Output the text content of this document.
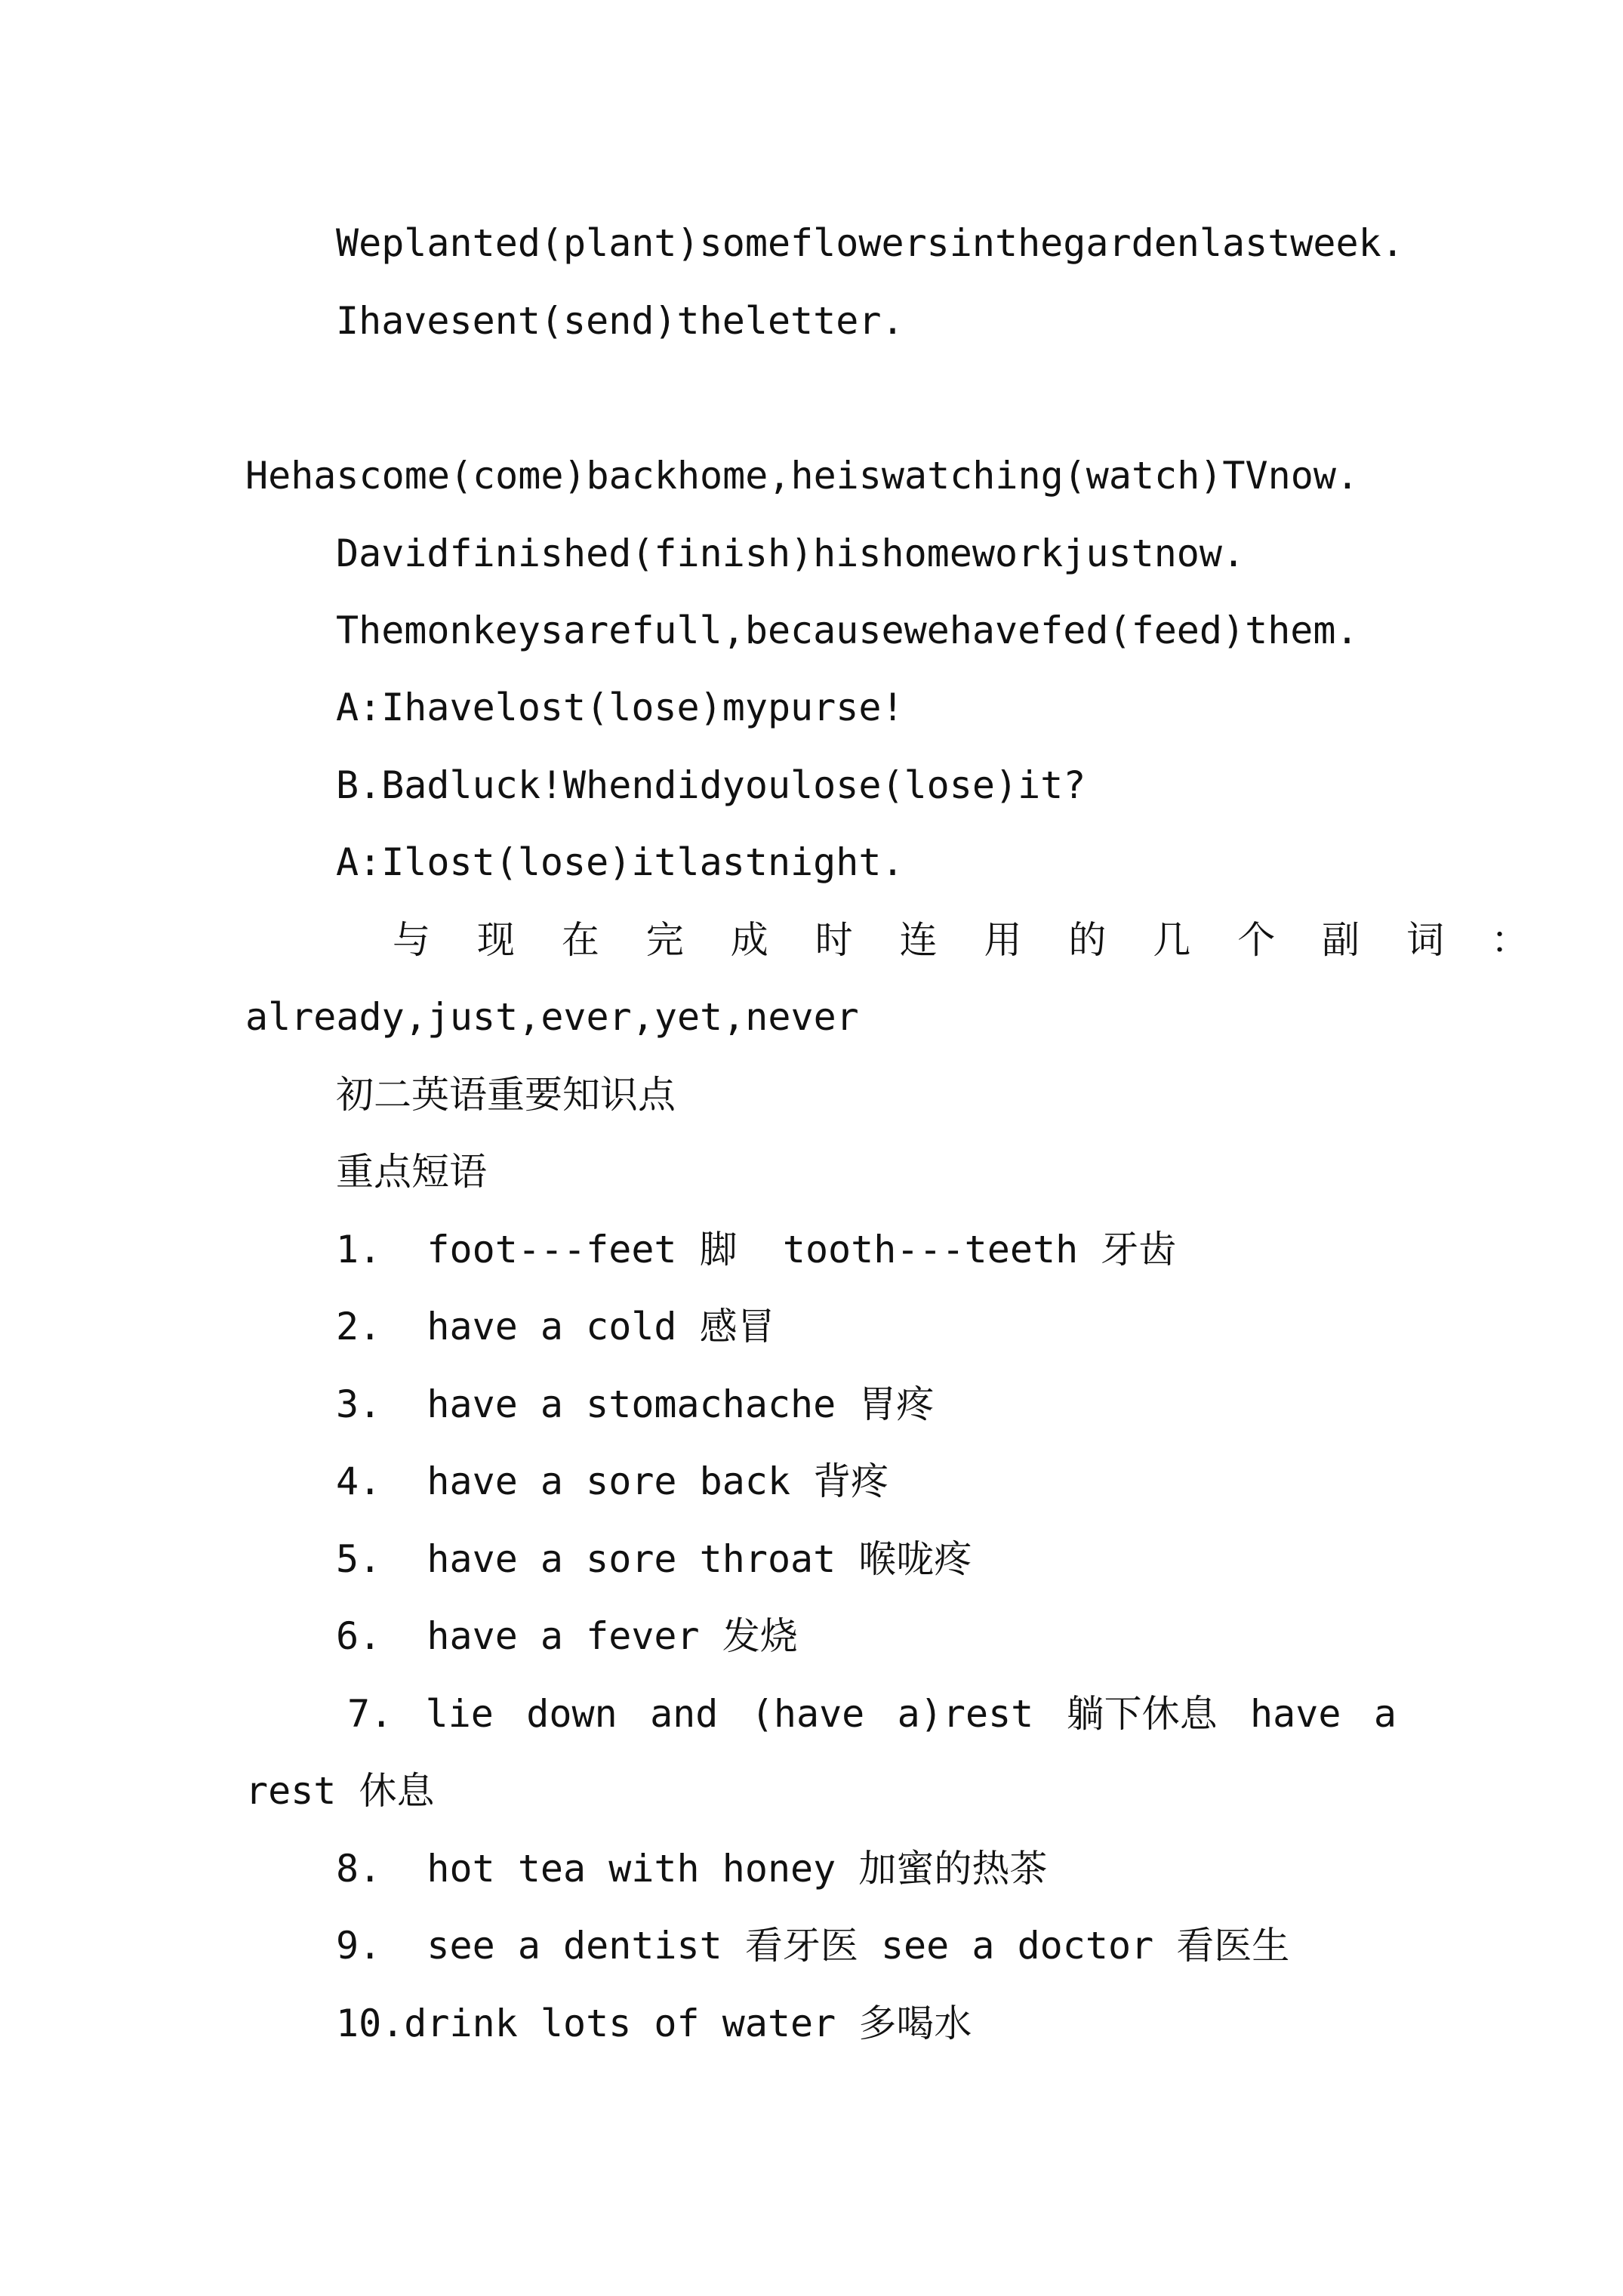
Weplanted(plant)someflowersinthegardenlastweek.
Ihavesent(send)theletter.
Hehascome(come)backhome,heiswatching(watch)TVnow.
Davidfinished(finish)hishomeworkjustnow.
Themonkeysarefull,becausewehavefed(feed)them.
A:Ihavelost(lose)mypurse!
B.Badluck!Whendidyoulose(lose)it?
A:Ilost(lose)itlastnight.
与 现 在 完 成 时 连 用 的 几 个 副 词 ：
already,just,ever,yet,never
初二英语重要知识点
重点短语
1.  foot---feet 脚  tooth---teeth 牙齿
2.  have a cold 感冒
3.  have a stomachache 胃疼
4.  have a sore back 背疼
5.  have a sore throat 喉咙疼
6.  have a fever 发烧
7. lie down and (have a)rest 躺下休息 have a
rest 休息
8.  hot tea with honey 加蜜的热茶
9.  see a dentist 看牙医 see a doctor 看医生
10.drink lots of water 多喝水
